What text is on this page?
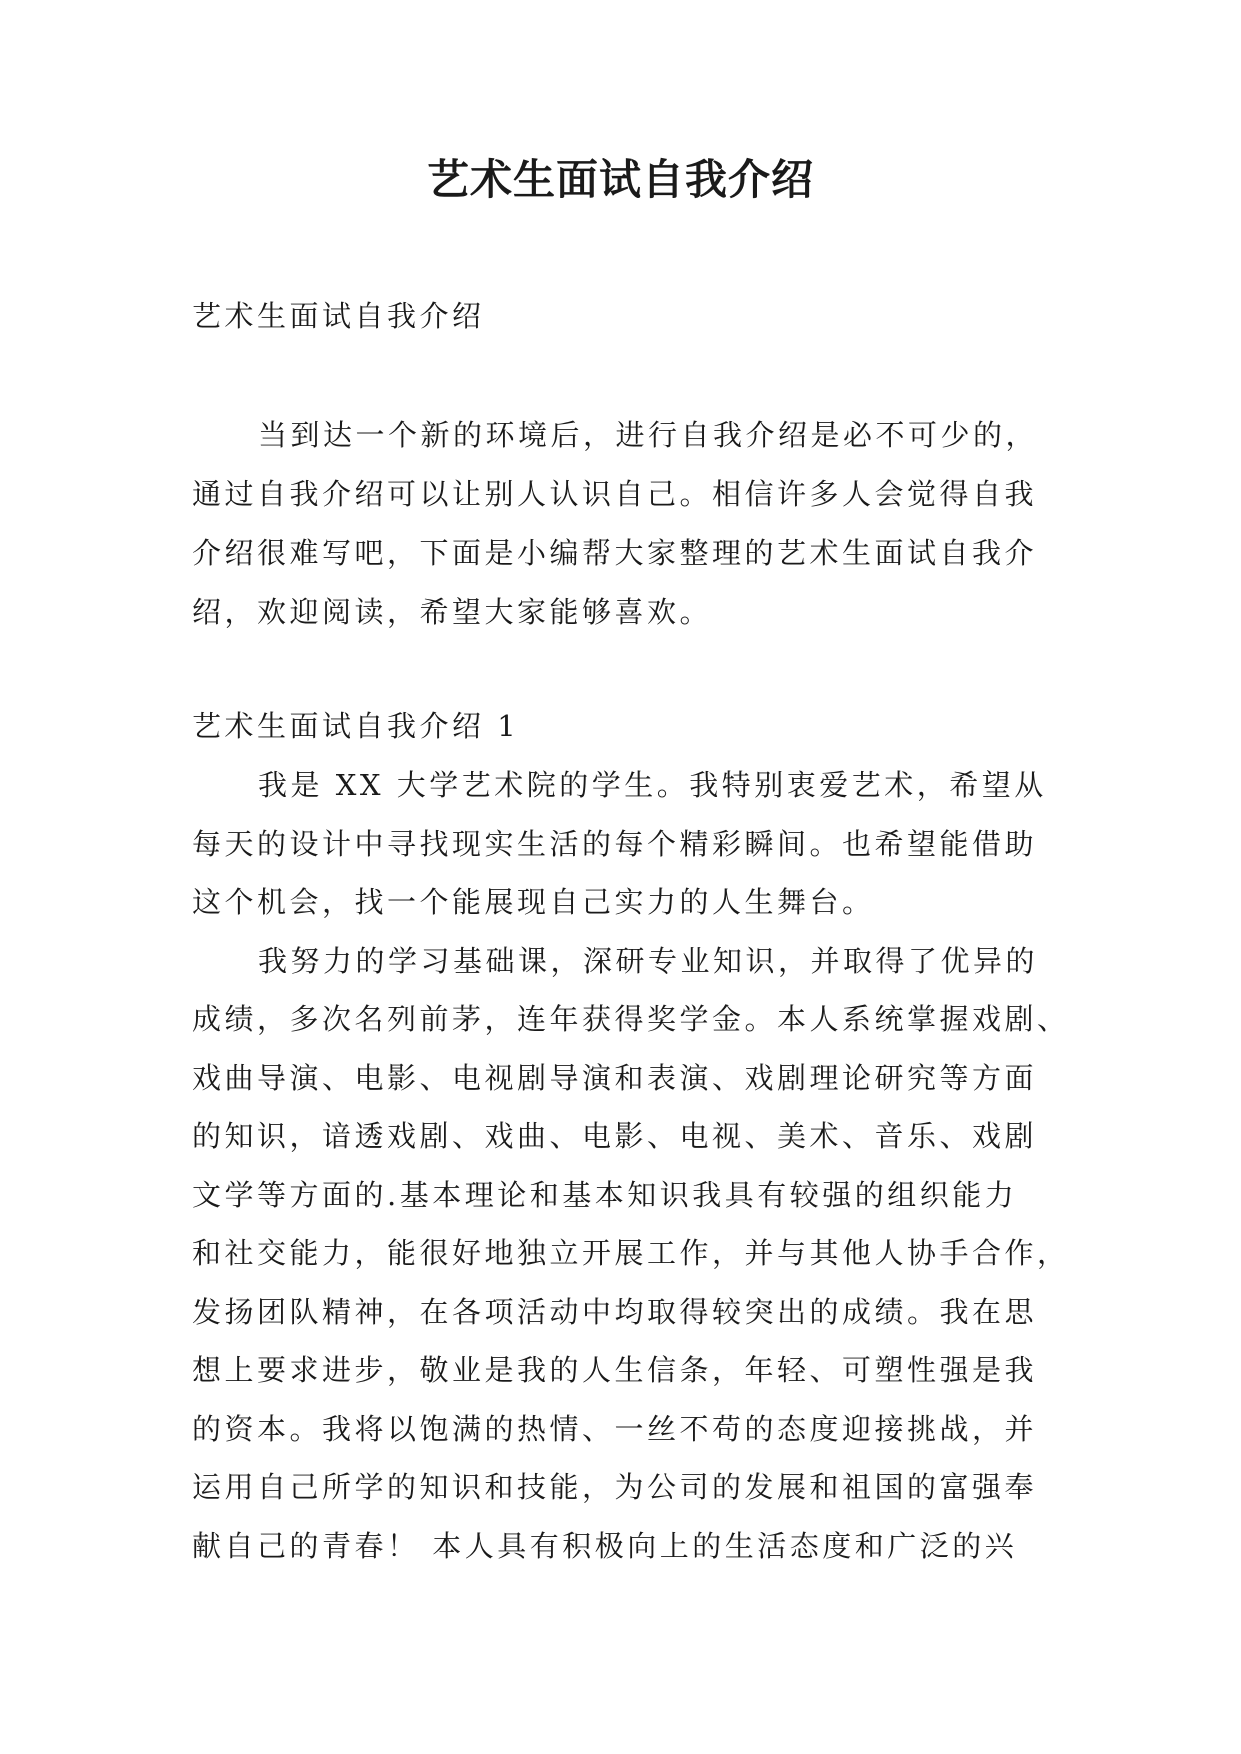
艺术生面试自我介绍
艺术生面试自我介绍
当到达一个新的环境后，进行自我介绍是必不可少的，
通过自我介绍可以让别人认识自己。相信许多人会觉得自我
介绍很难写吧，下面是小编帮大家整理的艺术生面试自我介
绍，欢迎阅读，希望大家能够喜欢。
艺术生面试自我介绍 1
我是 XX 大学艺术院的学生。我特别衷爱艺术，希望从
每天的设计中寻找现实生活的每个精彩瞬间。也希望能借助
这个机会，找一个能展现自己实力的人生舞台。
我努力的学习基础课，深研专业知识，并取得了优异的
成绩，多次名列前茅，连年获得奖学金。本人系统掌握戏剧、
戏曲导演、电影、电视剧导演和表演、戏剧理论研究等方面
的知识，谙透戏剧、戏曲、电影、电视、美术、音乐、戏剧
文学等方面的.基本理论和基本知识我具有较强的组织能力
和社交能力，能很好地独立开展工作，并与其他人协手合作，
发扬团队精神，在各项活动中均取得较突出的成绩。我在思
想上要求进步，敬业是我的人生信条，年轻、可塑性强是我
的资本。我将以饱满的热情、一丝不苟的态度迎接挑战，并
运用自己所学的知识和技能，为公司的发展和祖国的富强奉
献自己的青春！ 本人具有积极向上的生活态度和广泛的兴
